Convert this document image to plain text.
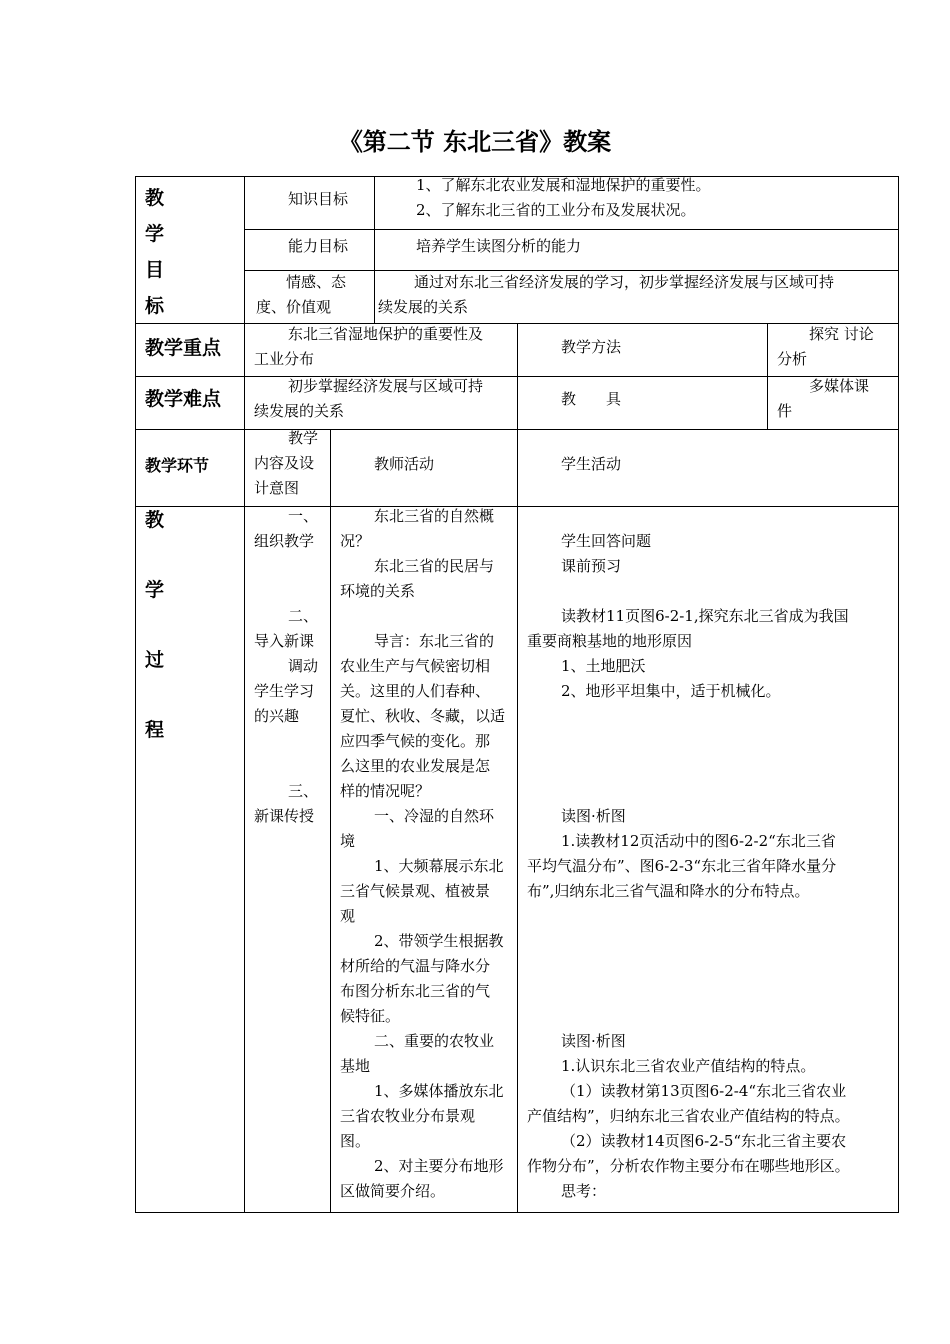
《第二节 东北三省》教案
教
学
目
标
知识目标
1、了解东北农业发展和湿地保护的重要性。
2、了解东北三省的工业分布及发展状况。
能力目标	培养学生读图分析的能力
情感、态
度、价值观
通过对东北三省经济发展的学习，初步掌握经济发展与区域可持
续发展的关系
教学重点
东北三省湿地保护的重要性及
工业分布
教学方法
探究 讨论
分析
教学难点
初步掌握经济发展与区域可持
续发展的关系
教　　具
多媒体课
件
教学环节
教学
内容及设
计意图
教师活动	学生活动
教
学
过
程
一、
组织教学
二、
导入新课
调动
学生学习
的兴趣
三、
新课传授
东北三省的自然概
况？
东北三省的民居与
环境的关系

导言：东北三省的
农业生产与气候密切相
关。这里的人们春种、
夏忙、秋收、冬藏，以适
应四季气候的变化。那
么这里的农业发展是怎
样的情况呢？
一、冷湿的自然环
境
1、大频幕展示东北
三省气候景观、植被景
观
2、带领学生根据教
材所给的气温与降水分
布图分析东北三省的气
候特征。
二、重要的农牧业
基地
1、多媒体播放东北
三省农牧业分布景观
图。
2、对主要分布地形
区做简要介绍。

学生回答问题
课前预习

读教材11页图6-2-1,探究东北三省成为我国
重要商粮基地的地形原因
1、土地肥沃
2、地形平坦集中，适于机械化。

读图·析图
1.读教材12页活动中的图6-2-2“东北三省
平均气温分布”、图6-2-3“东北三省年降水量分
布”,归纳东北三省气温和降水的分布特点。

读图·析图
1.认识东北三省农业产值结构的特点。
（1）读教材第13页图6-2-4“东北三省农业
产值结构”，归纳东北三省农业产值结构的特点。
（2）读教材14页图6-2-5“东北三省主要农
作物分布”，分析农作物主要分布在哪些地形区。
思考：
